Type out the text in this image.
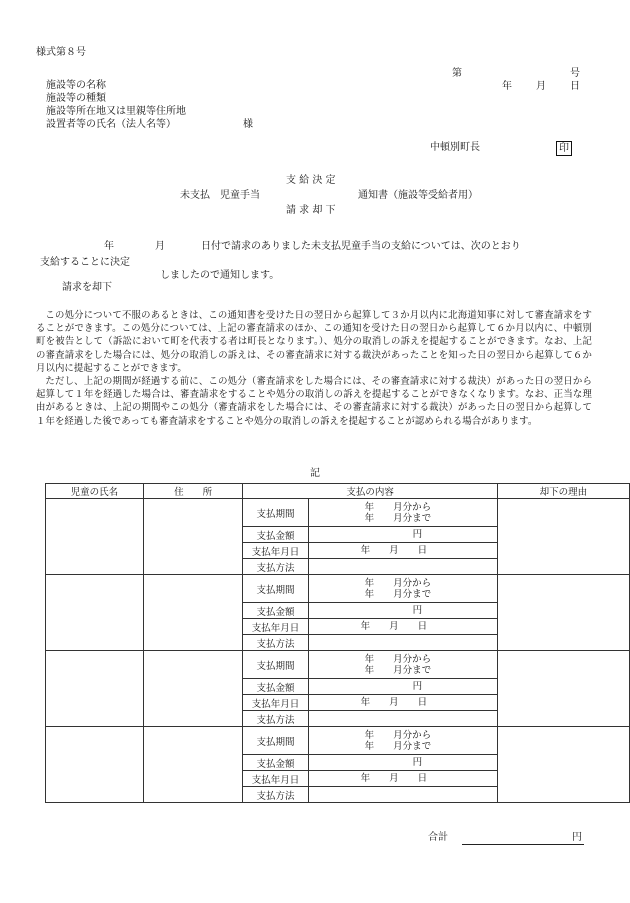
様式第８号
第	号
年 月 日
施設等の名称
施設等の種類
施設等所在地又は里親等住所地
設置者等の氏名（法人名等）	様
中頓別町長	印
支 給 決 定
未支払　児童手当	通知書（施設等受給者用）
請 求 却 下
年	月	日付で請求のありました未支払児童手当の支給については、次のとおり
支給することに決定
しましたので通知します。
請求を却下

この処分について不服のあるときは、この通知書を受けた日の翌日から起算して３か月以内に北海道知事に対して審査請求をすることができます。この処分については、上記の審査請求のほか、この通知を受けた日の翌日から起算して６か月以内に、中頓別町を被告として（訴訟において町を代表する者は町長となります。）、処分の取消しの訴えを提起することができます。なお、上記の審査請求をした場合には、処分の取消しの訴えは、その審査請求に対する裁決があったことを知った日の翌日から起算して６か月以内に提起することができます。

ただし、上記の期間が経過する前に、この処分（審査請求をした場合には、その審査請求に対する裁決）があった日の翌日から起算して１年を経過した場合は、審査請求をすることや処分の取消しの訴えを提起することができなくなります。なお、正当な理由があるときは、上記の期間やこの処分（審査請求をした場合には、その審査請求に対する裁決）があった日の翌日から起算して１年を経過した後であっても審査請求をすることや処分の取消しの訴えを提起することが認められる場合があります。

記
児童の氏名	住　　所	支払の内容		却下の理由
		支払期間	年　　月分から
年　　月分まで	

		支払金額	円	
		支払年月日	年　　月　　日	
		支払方法		
		支払期間	年　　月分から
年　　月分まで	

		支払金額	円	
		支払年月日	年　　月　　日	
		支払方法		
		支払期間	年　　月分から
年　　月分まで	

		支払金額	円	
		支払年月日	年　　月　　日	
		支払方法		
		支払期間	年　　月分から
年　　月分まで	

		支払金額	円	
		支払年月日	年　　月　　日	
		支払方法		
合計	円
